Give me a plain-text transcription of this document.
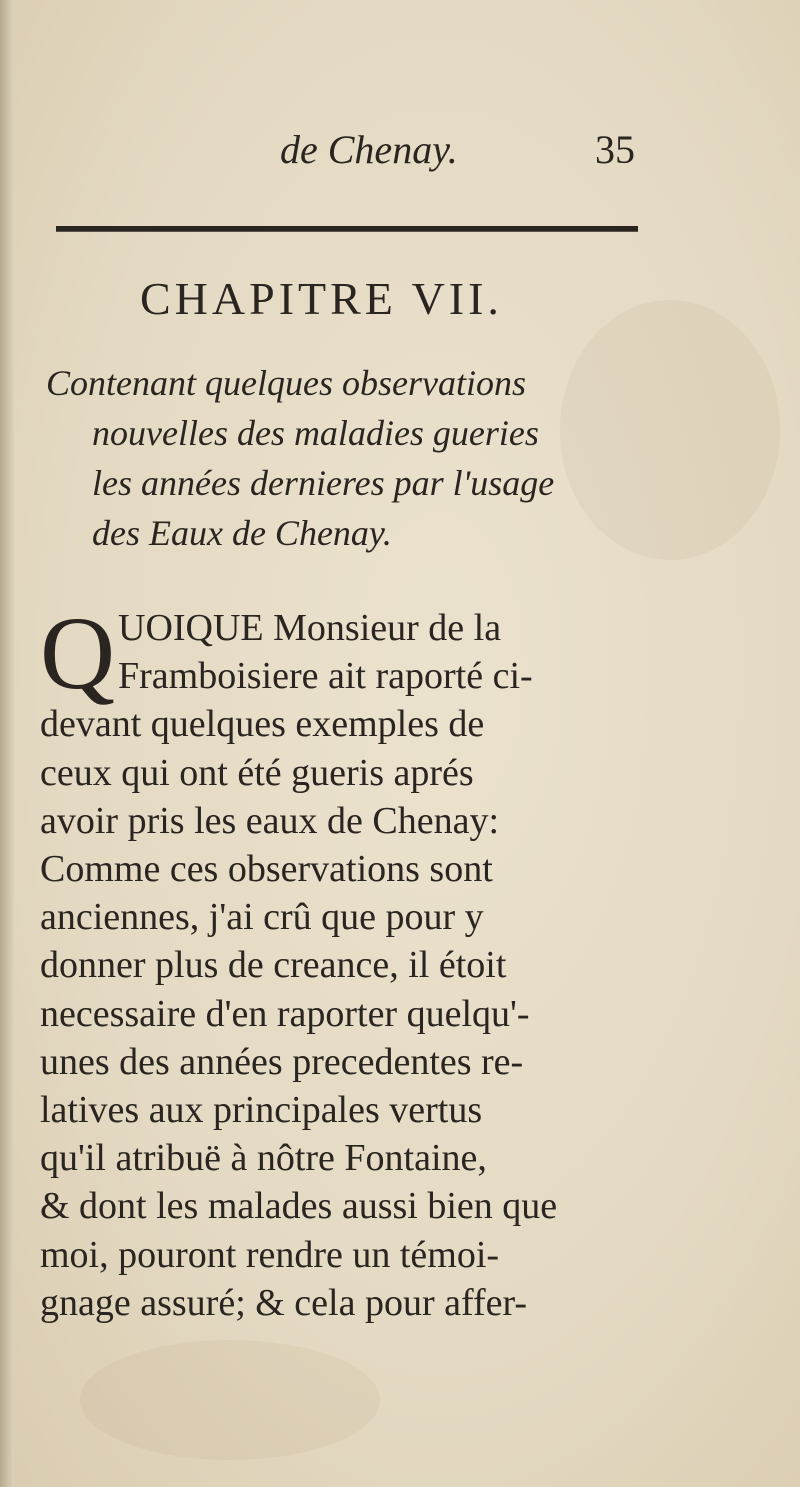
de Chenay.	35
CHAPITRE VII.
Contenant quelques observations
nouvelles des maladies gueries
les années dernieres par l'usage
des Eaux de Chenay.
Q UOIQUE Monsieur de la
Framboisiere ait raporté ci-
devant quelques exemples de
ceux qui ont été gueris aprés
avoir pris les eaux de Chenay:
Comme ces observations sont
anciennes, j'ai crû que pour y
donner plus de creance, il étoit
necessaire d'en raporter quelqu'-
unes des années precedentes re-
latives aux principales vertus
qu'il atribuë à nôtre Fontaine,
& dont les malades aussi bien que
moi, pouront rendre un témoi-
gnage assuré; & cela pour affer-
